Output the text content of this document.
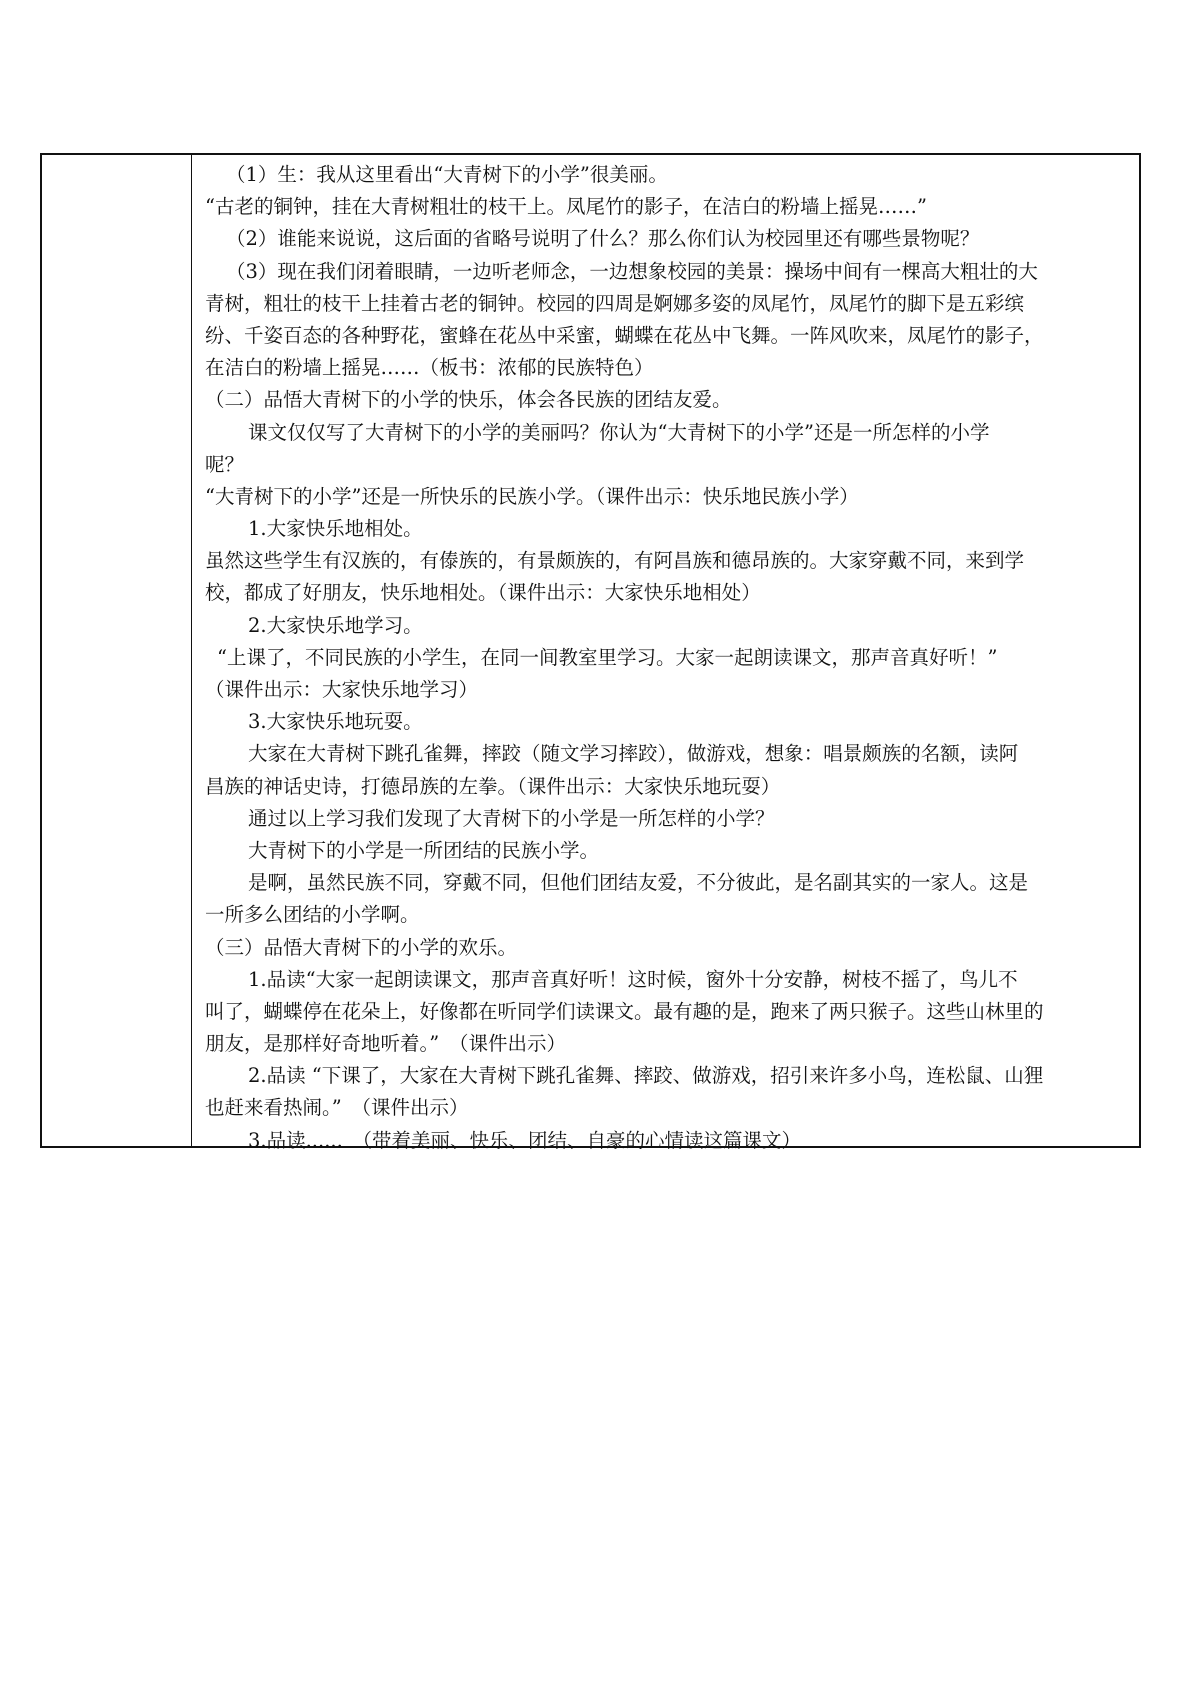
（1）生：我从这里看出“大青树下的小学”很美丽。
“古老的铜钟，挂在大青树粗壮的枝干上。凤尾竹的影子，在洁白的粉墙上摇晃……”
（2）谁能来说说，这后面的省略号说明了什么？那么你们认为校园里还有哪些景物呢？
（3）现在我们闭着眼睛，一边听老师念，一边想象校园的美景：操场中间有一棵高大粗壮的大
青树，粗壮的枝干上挂着古老的铜钟。校园的四周是婀娜多姿的凤尾竹，凤尾竹的脚下是五彩缤
纷、千姿百态的各种野花，蜜蜂在花丛中采蜜，蝴蝶在花丛中飞舞。一阵风吹来，凤尾竹的影子，
在洁白的粉墙上摇晃……（板书：浓郁的民族特色）
（二）品悟大青树下的小学的快乐，体会各民族的团结友爱。
课文仅仅写了大青树下的小学的美丽吗？你认为“大青树下的小学”还是一所怎样的小学
呢？
“大青树下的小学”还是一所快乐的民族小学。（课件出示：快乐地民族小学）
1.大家快乐地相处。
虽然这些学生有汉族的，有傣族的，有景颇族的，有阿昌族和德昂族的。大家穿戴不同，来到学
校，都成了好朋友，快乐地相处。（课件出示：大家快乐地相处）
2.大家快乐地学习。
“上课了，不同民族的小学生，在同一间教室里学习。大家一起朗读课文，那声音真好听！”
（课件出示：大家快乐地学习）
3.大家快乐地玩耍。
大家在大青树下跳孔雀舞，摔跤（随文学习摔跤），做游戏，想象：唱景颇族的名额，读阿
昌族的神话史诗，打德昂族的左拳。（课件出示：大家快乐地玩耍）
通过以上学习我们发现了大青树下的小学是一所怎样的小学？
大青树下的小学是一所团结的民族小学。
是啊，虽然民族不同，穿戴不同，但他们团结友爱，不分彼此，是名副其实的一家人。这是
一所多么团结的小学啊。
（三）品悟大青树下的小学的欢乐。
1.品读“大家一起朗读课文，那声音真好听！这时候，窗外十分安静，树枝不摇了，鸟儿不
叫了，蝴蝶停在花朵上，好像都在听同学们读课文。最有趣的是，跑来了两只猴子。这些山林里的
朋友，是那样好奇地听着。”　（课件出示）
2.品读 “下课了，大家在大青树下跳孔雀舞、摔跤、做游戏，招引来许多小鸟，连松鼠、山狸
也赶来看热闹。”　（课件出示）
3.品读......　（带着美丽、快乐、团结、自豪的心情读这篇课文）
